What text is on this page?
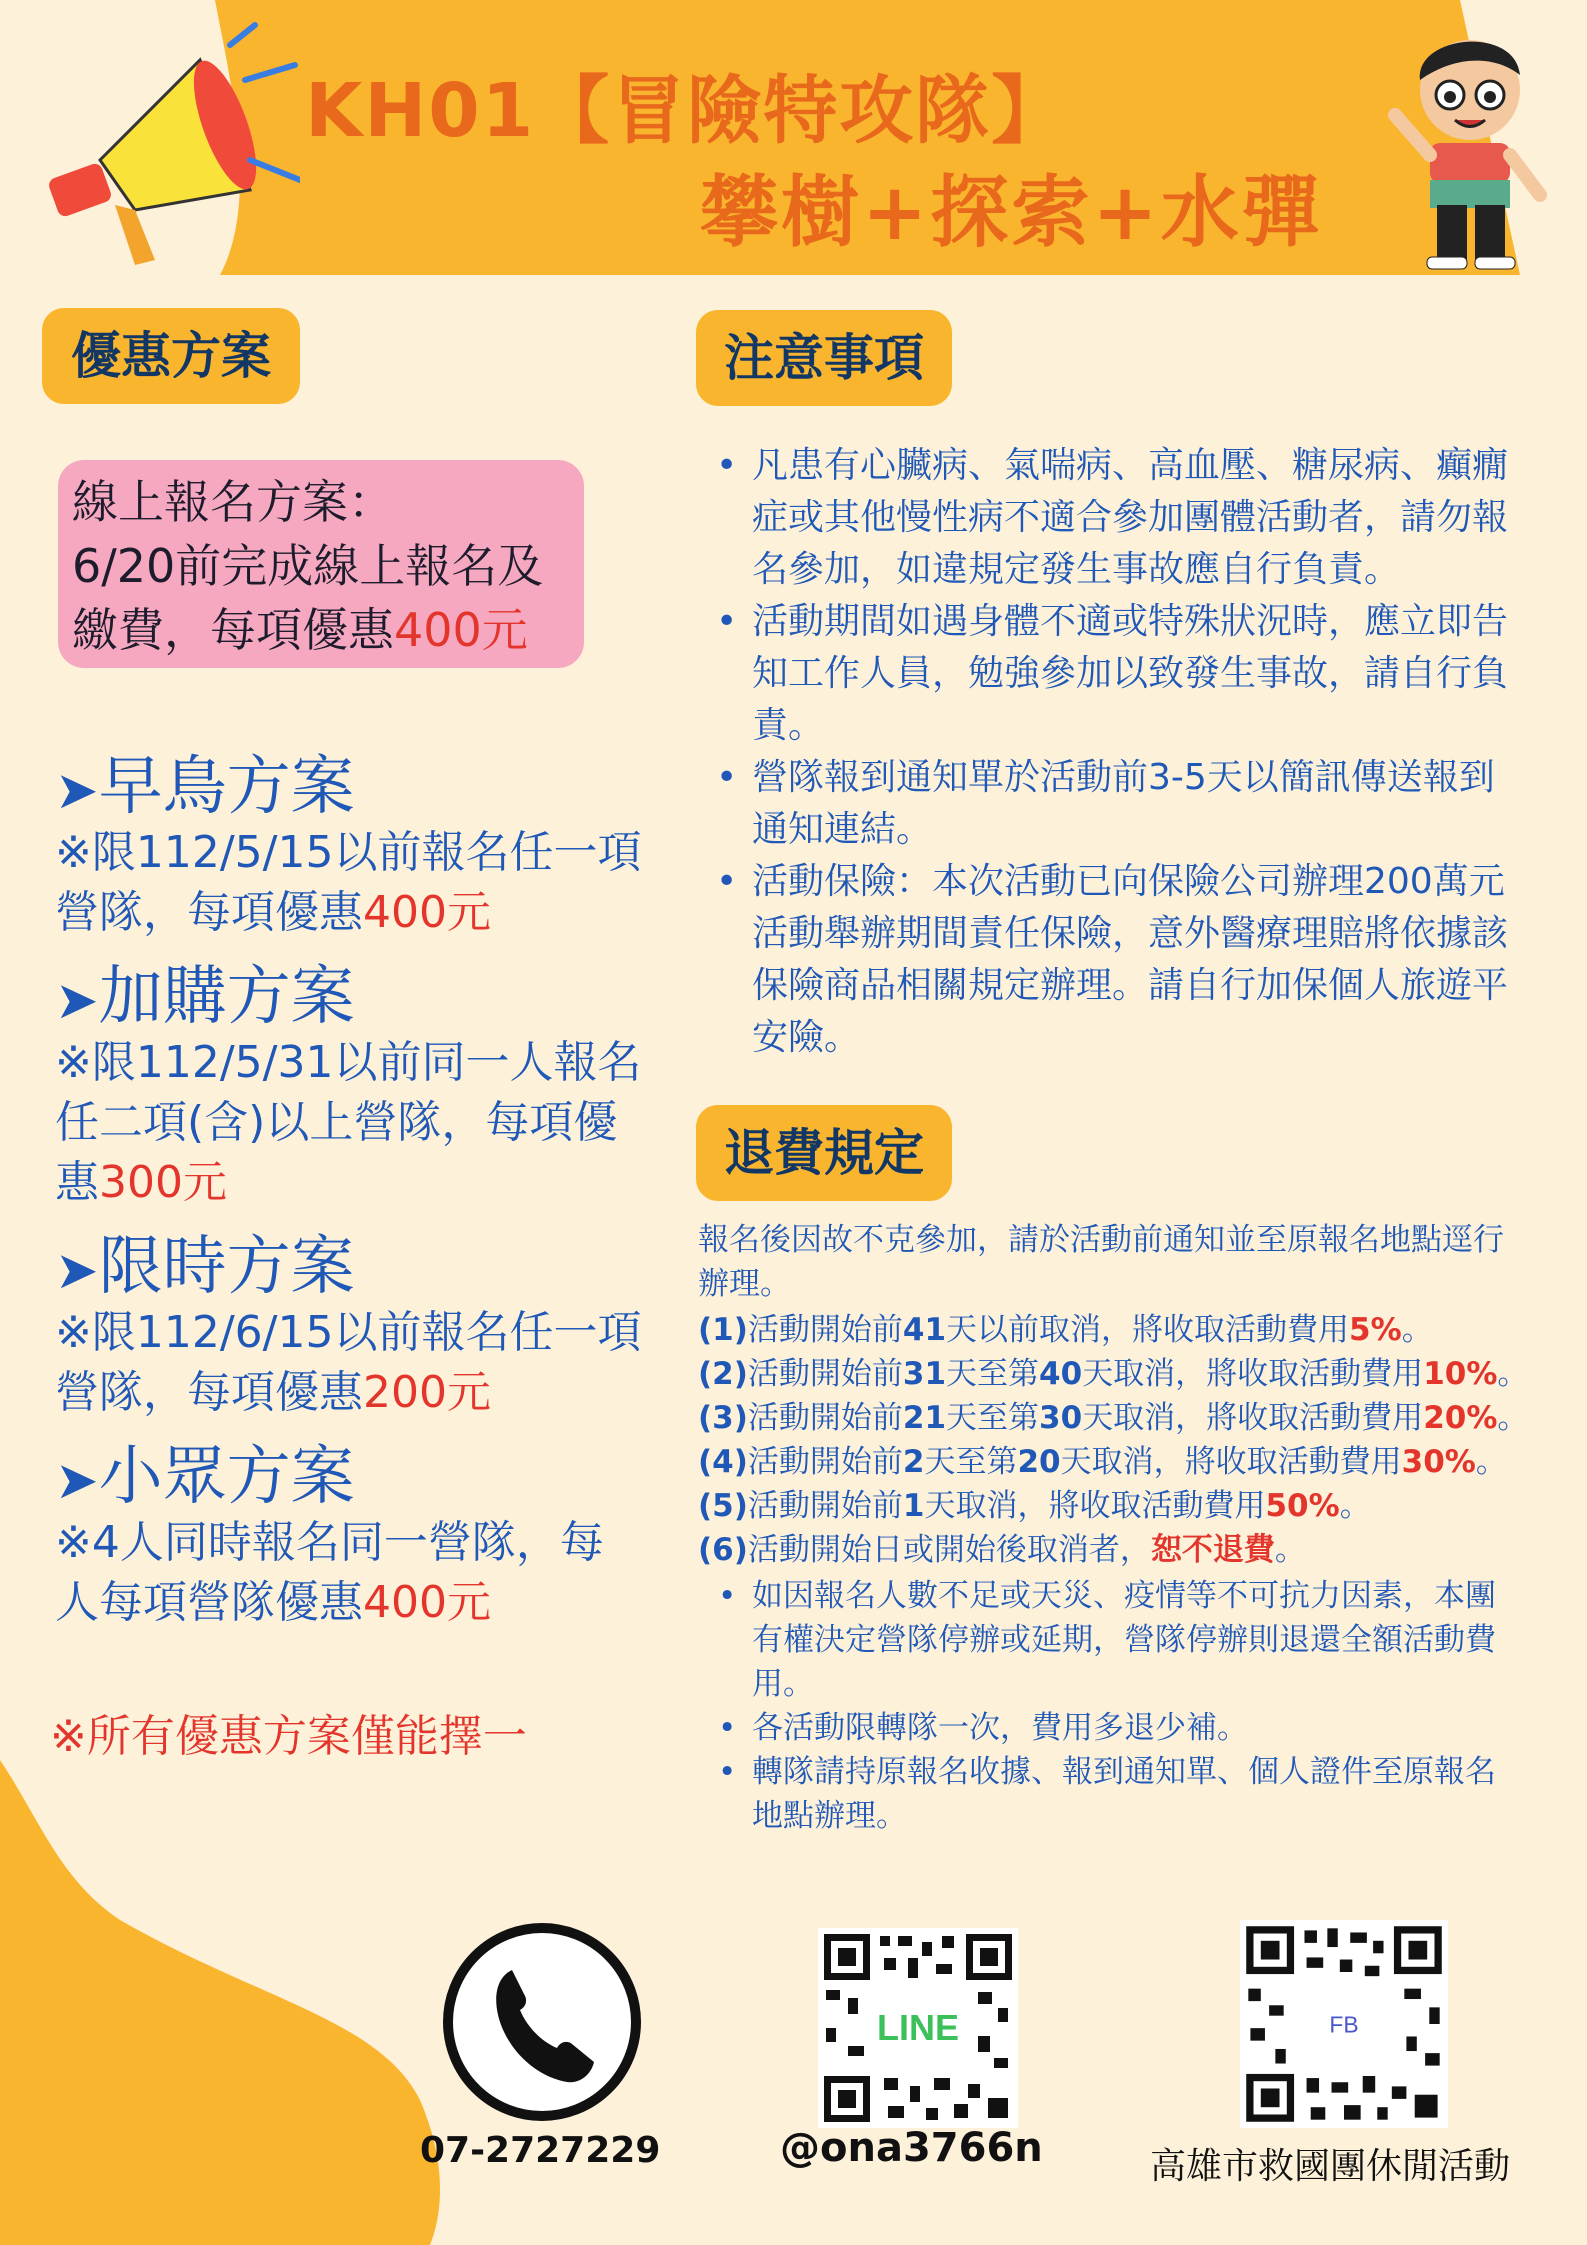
KH01【冒險特攻隊】
攀樹+探索+水彈
優惠方案
線上報名方案：
6/20前完成線上報名及
繳費，每項優惠400元
➤早鳥方案
※限112/5/15以前報名任一項
營隊，每項優惠400元
➤加購方案
※限112/5/31以前同一人報名
任二項(含)以上營隊，每項優
惠300元
➤限時方案
※限112/6/15以前報名任一項
營隊，每項優惠200元
➤小眾方案
※4人同時報名同一營隊，每
人每項營隊優惠400元
※所有優惠方案僅能擇一
注意事項
• 凡患有心臟病、氣喘病、高血壓、糖尿病、癲癇
症或其他慢性病不適合參加團體活動者，請勿報
名參加，如違規定發生事故應自行負責。
• 活動期間如遇身體不適或特殊狀況時，應立即告
知工作人員，勉強參加以致發生事故，請自行負
責。
• 營隊報到通知單於活動前3-5天以簡訊傳送報到
通知連結。
• 活動保險：本次活動已向保險公司辦理200萬元
活動舉辦期間責任保險，意外醫療理賠將依據該
保險商品相關規定辦理。請自行加保個人旅遊平
安險。
退費規定
報名後因故不克參加，請於活動前通知並至原報名地點逕行
辦理。
(1)活動開始前41天以前取消，將收取活動費用5%。
(2)活動開始前31天至第40天取消，將收取活動費用10%。
(3)活動開始前21天至第30天取消，將收取活動費用20%。
(4)活動開始前2天至第20天取消，將收取活動費用30%。
(5)活動開始前1天取消，將收取活動費用50%。
(6)活動開始日或開始後取消者，恕不退費。
• 如因報名人數不足或天災、疫情等不可抗力因素，本團
有權決定營隊停辦或延期，營隊停辦則退還全額活動費
用。
• 各活動限轉隊一次，費用多退少補。
• 轉隊請持原報名收據、報到通知單、個人證件至原報名
地點辦理。
07-2727229
LINE
@ona3766n
FB
高雄市救國團休閒活動
